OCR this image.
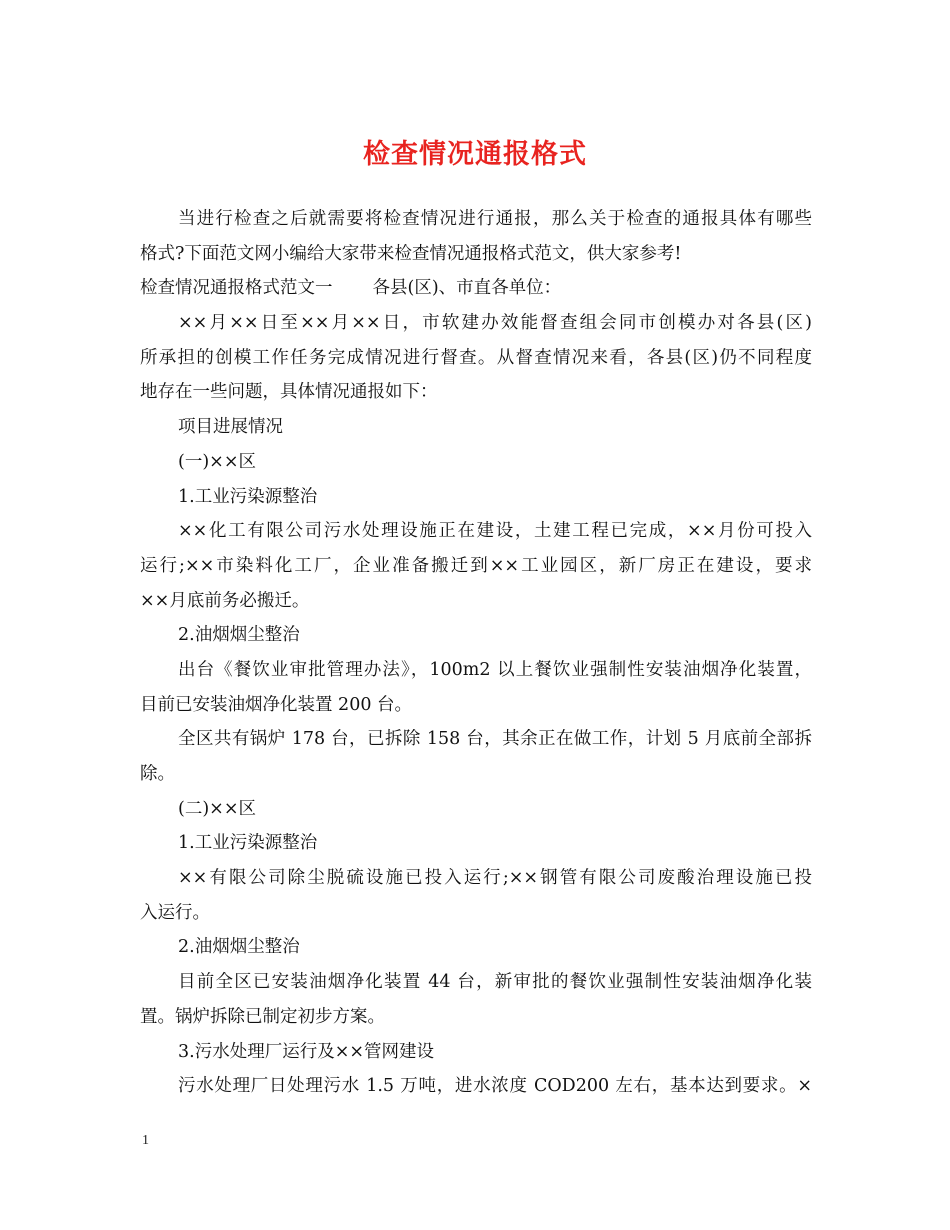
检查情况通报格式
当进行检查之后就需要将检查情况进行通报，那么关于检查的通报具体有哪些
格式?下面范文网小编给大家带来检查情况通报格式范文，供大家参考!
检查情况通报格式范文一 各县(区)、市直各单位：
××月××日至××月××日，市软建办效能督查组会同市创模办对各县(区)
所承担的创模工作任务完成情况进行督查。从督查情况来看，各县(区)仍不同程度
地存在一些问题，具体情况通报如下：
项目进展情况
(一)××区
1.工业污染源整治
××化工有限公司污水处理设施正在建设，土建工程已完成，××月份可投入
运行;××市染料化工厂，企业准备搬迁到××工业园区，新厂房正在建设，要求
××月底前务必搬迁。
2.油烟烟尘整治
出台《餐饮业审批管理办法》，100m2 以上餐饮业强制性安装油烟净化装置，
目前已安装油烟净化装置 200 台。
全区共有锅炉 178 台，已拆除 158 台，其余正在做工作，计划 5 月底前全部拆
除。
(二)××区
1.工业污染源整治
××有限公司除尘脱硫设施已投入运行;××钢管有限公司废酸治理设施已投
入运行。
2.油烟烟尘整治
目前全区已安装油烟净化装置 44 台，新审批的餐饮业强制性安装油烟净化装
置。锅炉拆除已制定初步方案。
3.污水处理厂运行及××管网建设
污水处理厂日处理污水 1.5 万吨，进水浓度 COD200 左右，基本达到要求。×
1
